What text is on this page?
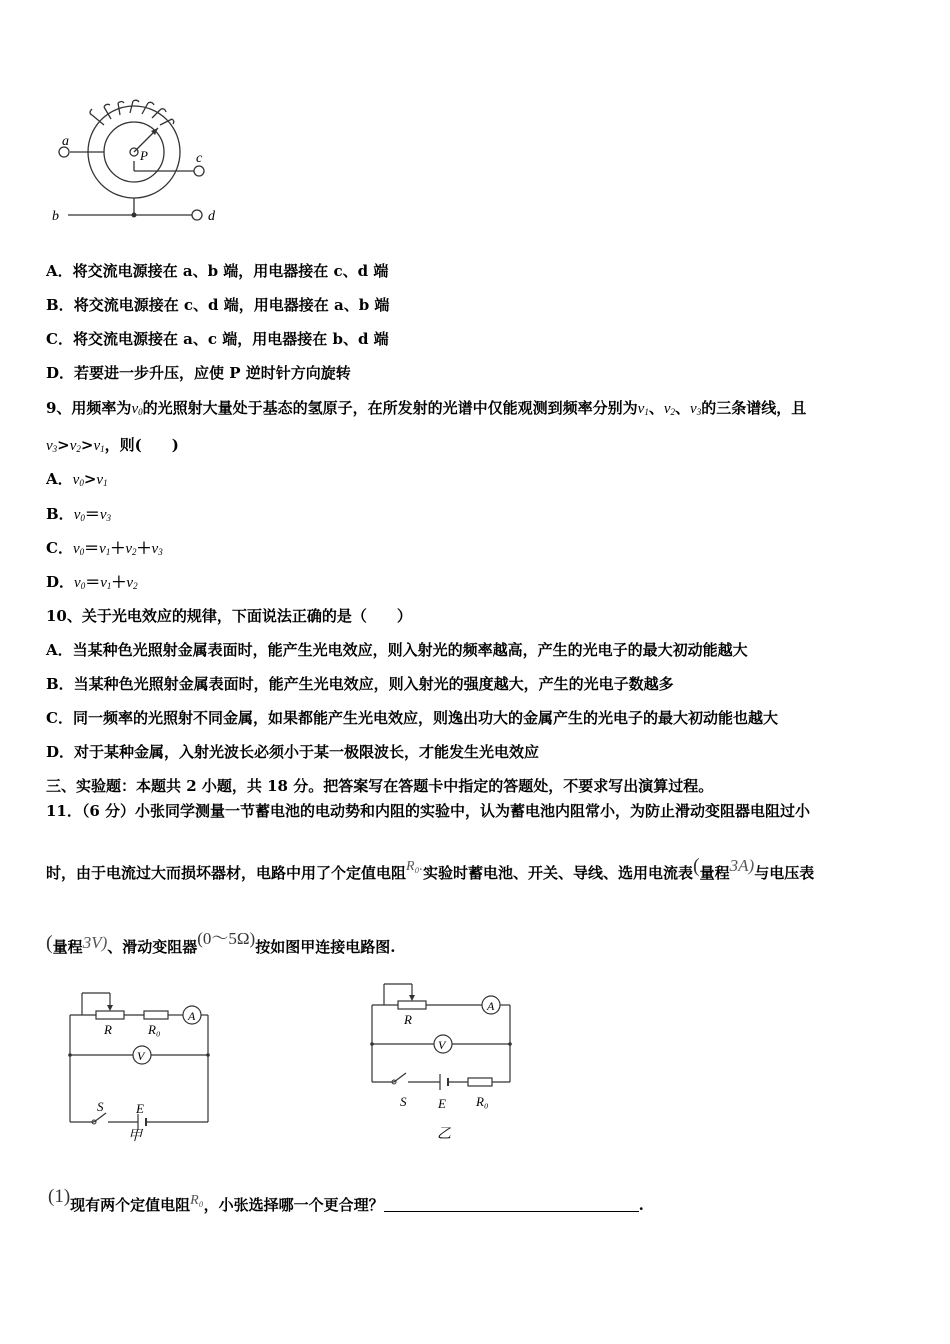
a
c
b	d
P
A．将交流电源接在 a、b 端，用电器接在 c、d 端
B．将交流电源接在 c、d 端，用电器接在 a、b 端
C．将交流电源接在 a、c 端，用电器接在 b、d 端
D．若要进一步升压，应使 P 逆时针方向旋转
9、用频率为$\nu_0$的光照射大量处于基态的氢原子，在所发射的光谱中仅能观测到频率分别为$\nu_1$、$\nu_2$、$\nu_3$的三条谱线，且
$\nu_3>\nu_2>\nu_1$，则(　　)
A．$\nu_0>\nu_1$
B．$\nu_0=\nu_3$
C．$\nu_0=\nu_1+\nu_2+\nu_3$
D．$\nu_0=\nu_1+\nu_2$
10、关于光电效应的规律，下面说法正确的是（　　）
A．当某种色光照射金属表面时，能产生光电效应，则入射光的频率越高，产生的光电子的最大初动能越大
B．当某种色光照射金属表面时，能产生光电效应，则入射光的强度越大，产生的光电子数越多
C．同一频率的光照射不同金属，如果都能产生光电效应，则逸出功大的金属产生的光电子的最大初动能也越大
D．对于某种金属，入射光波长必须小于某一极限波长，才能发生光电效应
三、实验题：本题共 2 小题，共 18 分。把答案写在答题卡中指定的答题处，不要求写出演算过程。
11．（6 分）小张同学测量一节蓄电池的电动势和内阻的实验中，认为蓄电池内阻常小，为防止滑动变阻器电阻过小
时，由于电流过大而损坏器材，电路中用了个定值电阻R₀.实验时蓄电池、开关、导线、选用电流表(量程3A)与电压表
(量程3V)、滑动变阻器(0～5Ω)按如图甲连接电路图.
R	R₀
A
V
S	E
甲
R
A
V
S E R₀
乙
(1)现有两个定值电阻R₀，小张选择哪一个更合理？	.
